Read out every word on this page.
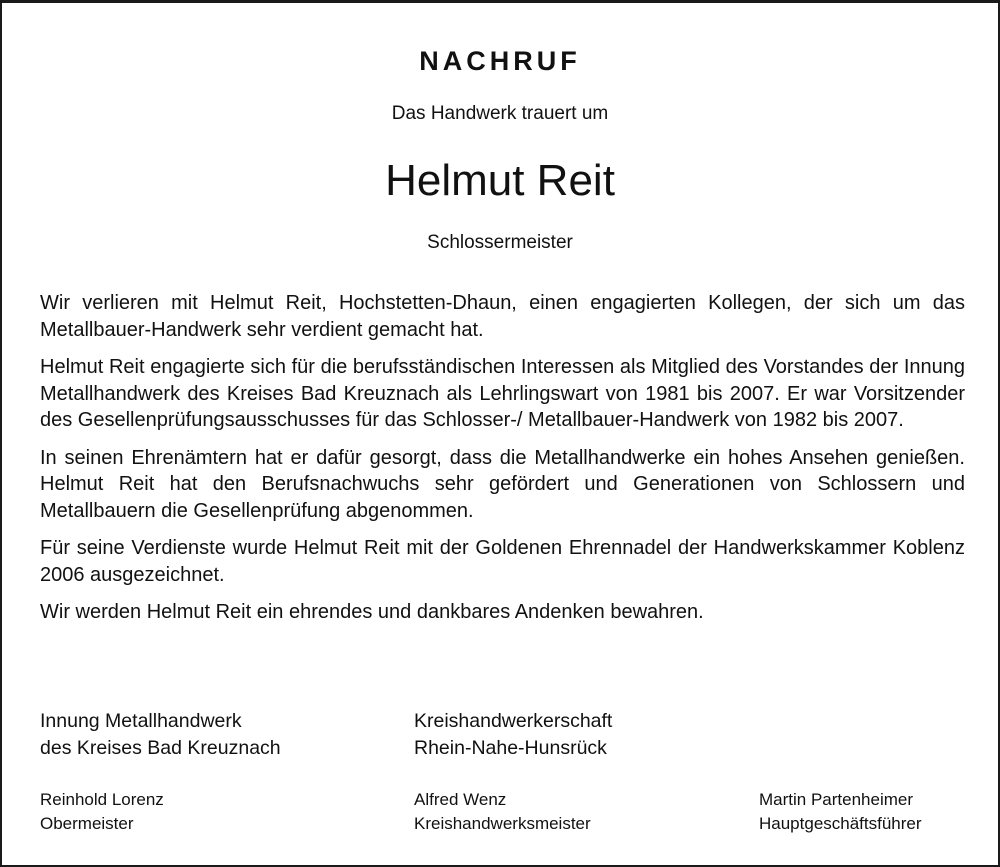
NACHRUF
Das Handwerk trauert um
Helmut Reit
Schlossermeister

Wir verlieren mit Helmut Reit, Hochstetten-Dhaun, einen engagierten Kollegen, der sich um das Metallbauer-Handwerk sehr verdient gemacht hat.

Helmut Reit engagierte sich für die berufsständischen Interessen als Mitglied des Vorstandes der Innung Metallhandwerk des Kreises Bad Kreuznach als Lehrlingswart von 1981 bis 2007. Er war Vorsitzender des Gesellenprüfungsausschusses für das Schlosser-/ Metallbauer-Handwerk von 1982 bis 2007.

In seinen Ehrenämtern hat er dafür gesorgt, dass die Metallhandwerke ein hohes Ansehen genießen. Helmut Reit hat den Berufsnachwuchs sehr gefördert und Generationen von Schlossern und Metallbauern die Gesellenprüfung abgenommen.

Für seine Verdienste wurde Helmut Reit mit der Goldenen Ehrennadel der Handwerkskammer Koblenz 2006 ausgezeichnet.

Wir werden Helmut Reit ein ehrendes und dankbares Andenken bewahren.

Innung Metallhandwerk
des Kreises Bad Kreuznach
Kreishandwerkerschaft
Rhein-Nahe-Hunsrück
Reinhold Lorenz
Obermeister
Alfred Wenz
Kreishandwerksmeister
Martin Partenheimer
Hauptgeschäftsführer
